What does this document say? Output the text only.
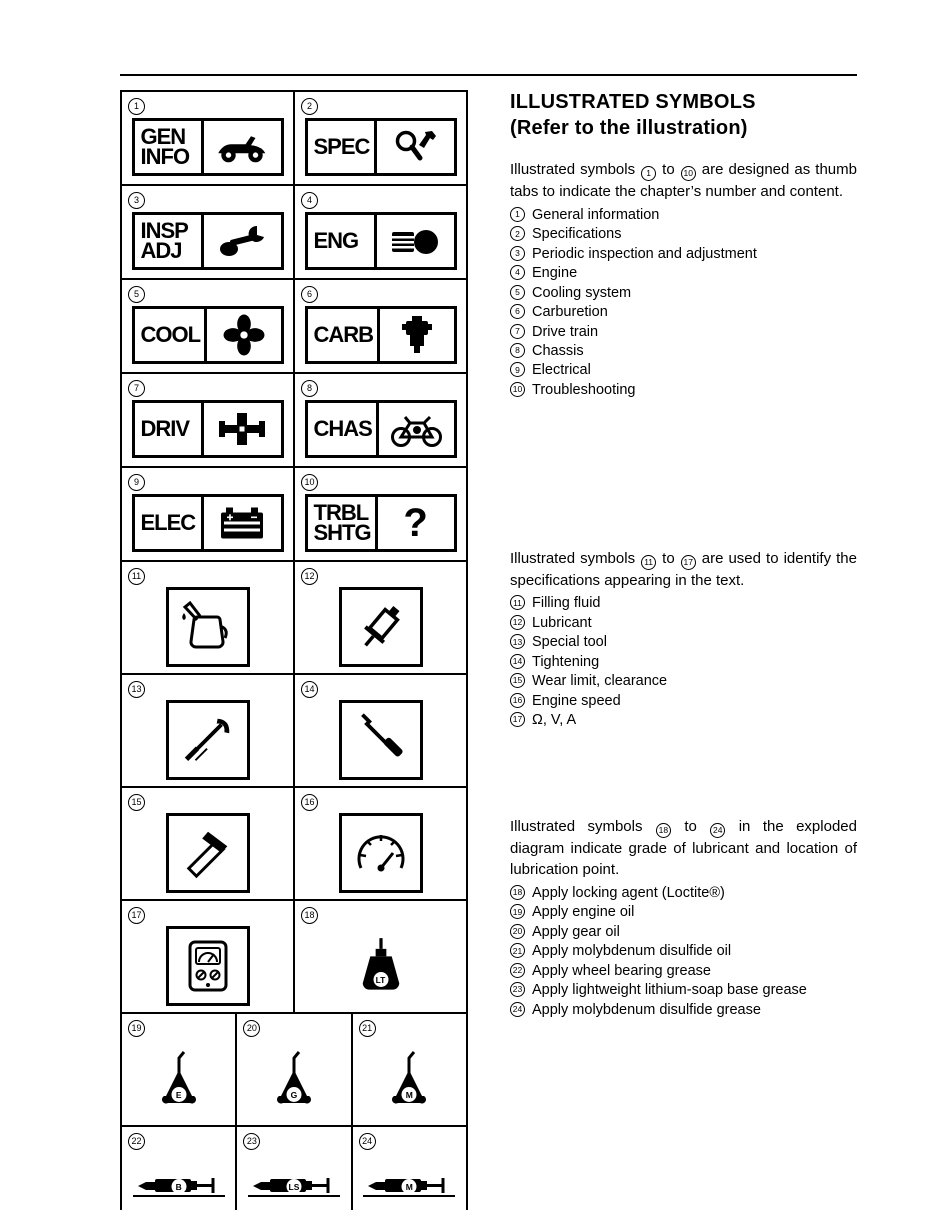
1
GEN
INFO
2
SPEC
3
INSP
ADJ
4
ENG
5
COOL
6
CARB
7
DRIV
8
CHAS
9
ELEC
10
TRBL
SHTG ?
11	12
13	14
15	16
17	18
LT
19
E
20
G
21
M
22
B
23
LS
24
M
ILLUSTRATED SYMBOLS
(Refer to the illustration)

Illustrated symbols 1 to 10 are designed as thumb tabs to indicate the chapter’s number and content.

1 General information
2 Specifications
3 Periodic inspection and adjustment
4 Engine
5 Cooling system
6 Carburetion
7 Drive train
8 Chassis
9 Electrical
10 Troubleshooting

Illustrated symbols 11 to 17 are used to identify the specifications appearing in the text.

11 Filling fluid
12 Lubricant
13 Special tool
14 Tightening
15 Wear limit, clearance
16 Engine speed
17 Ω, V, A

Illustrated symbols 18 to 24 in the exploded diagram indicate grade of lubricant and location of lubrication point.

18 Apply locking agent (Loctite®)
19 Apply engine oil
20 Apply gear oil
21 Apply molybdenum disulfide oil
22 Apply wheel bearing grease
23 Apply lightweight lithium-soap base grease
24 Apply molybdenum disulfide grease
